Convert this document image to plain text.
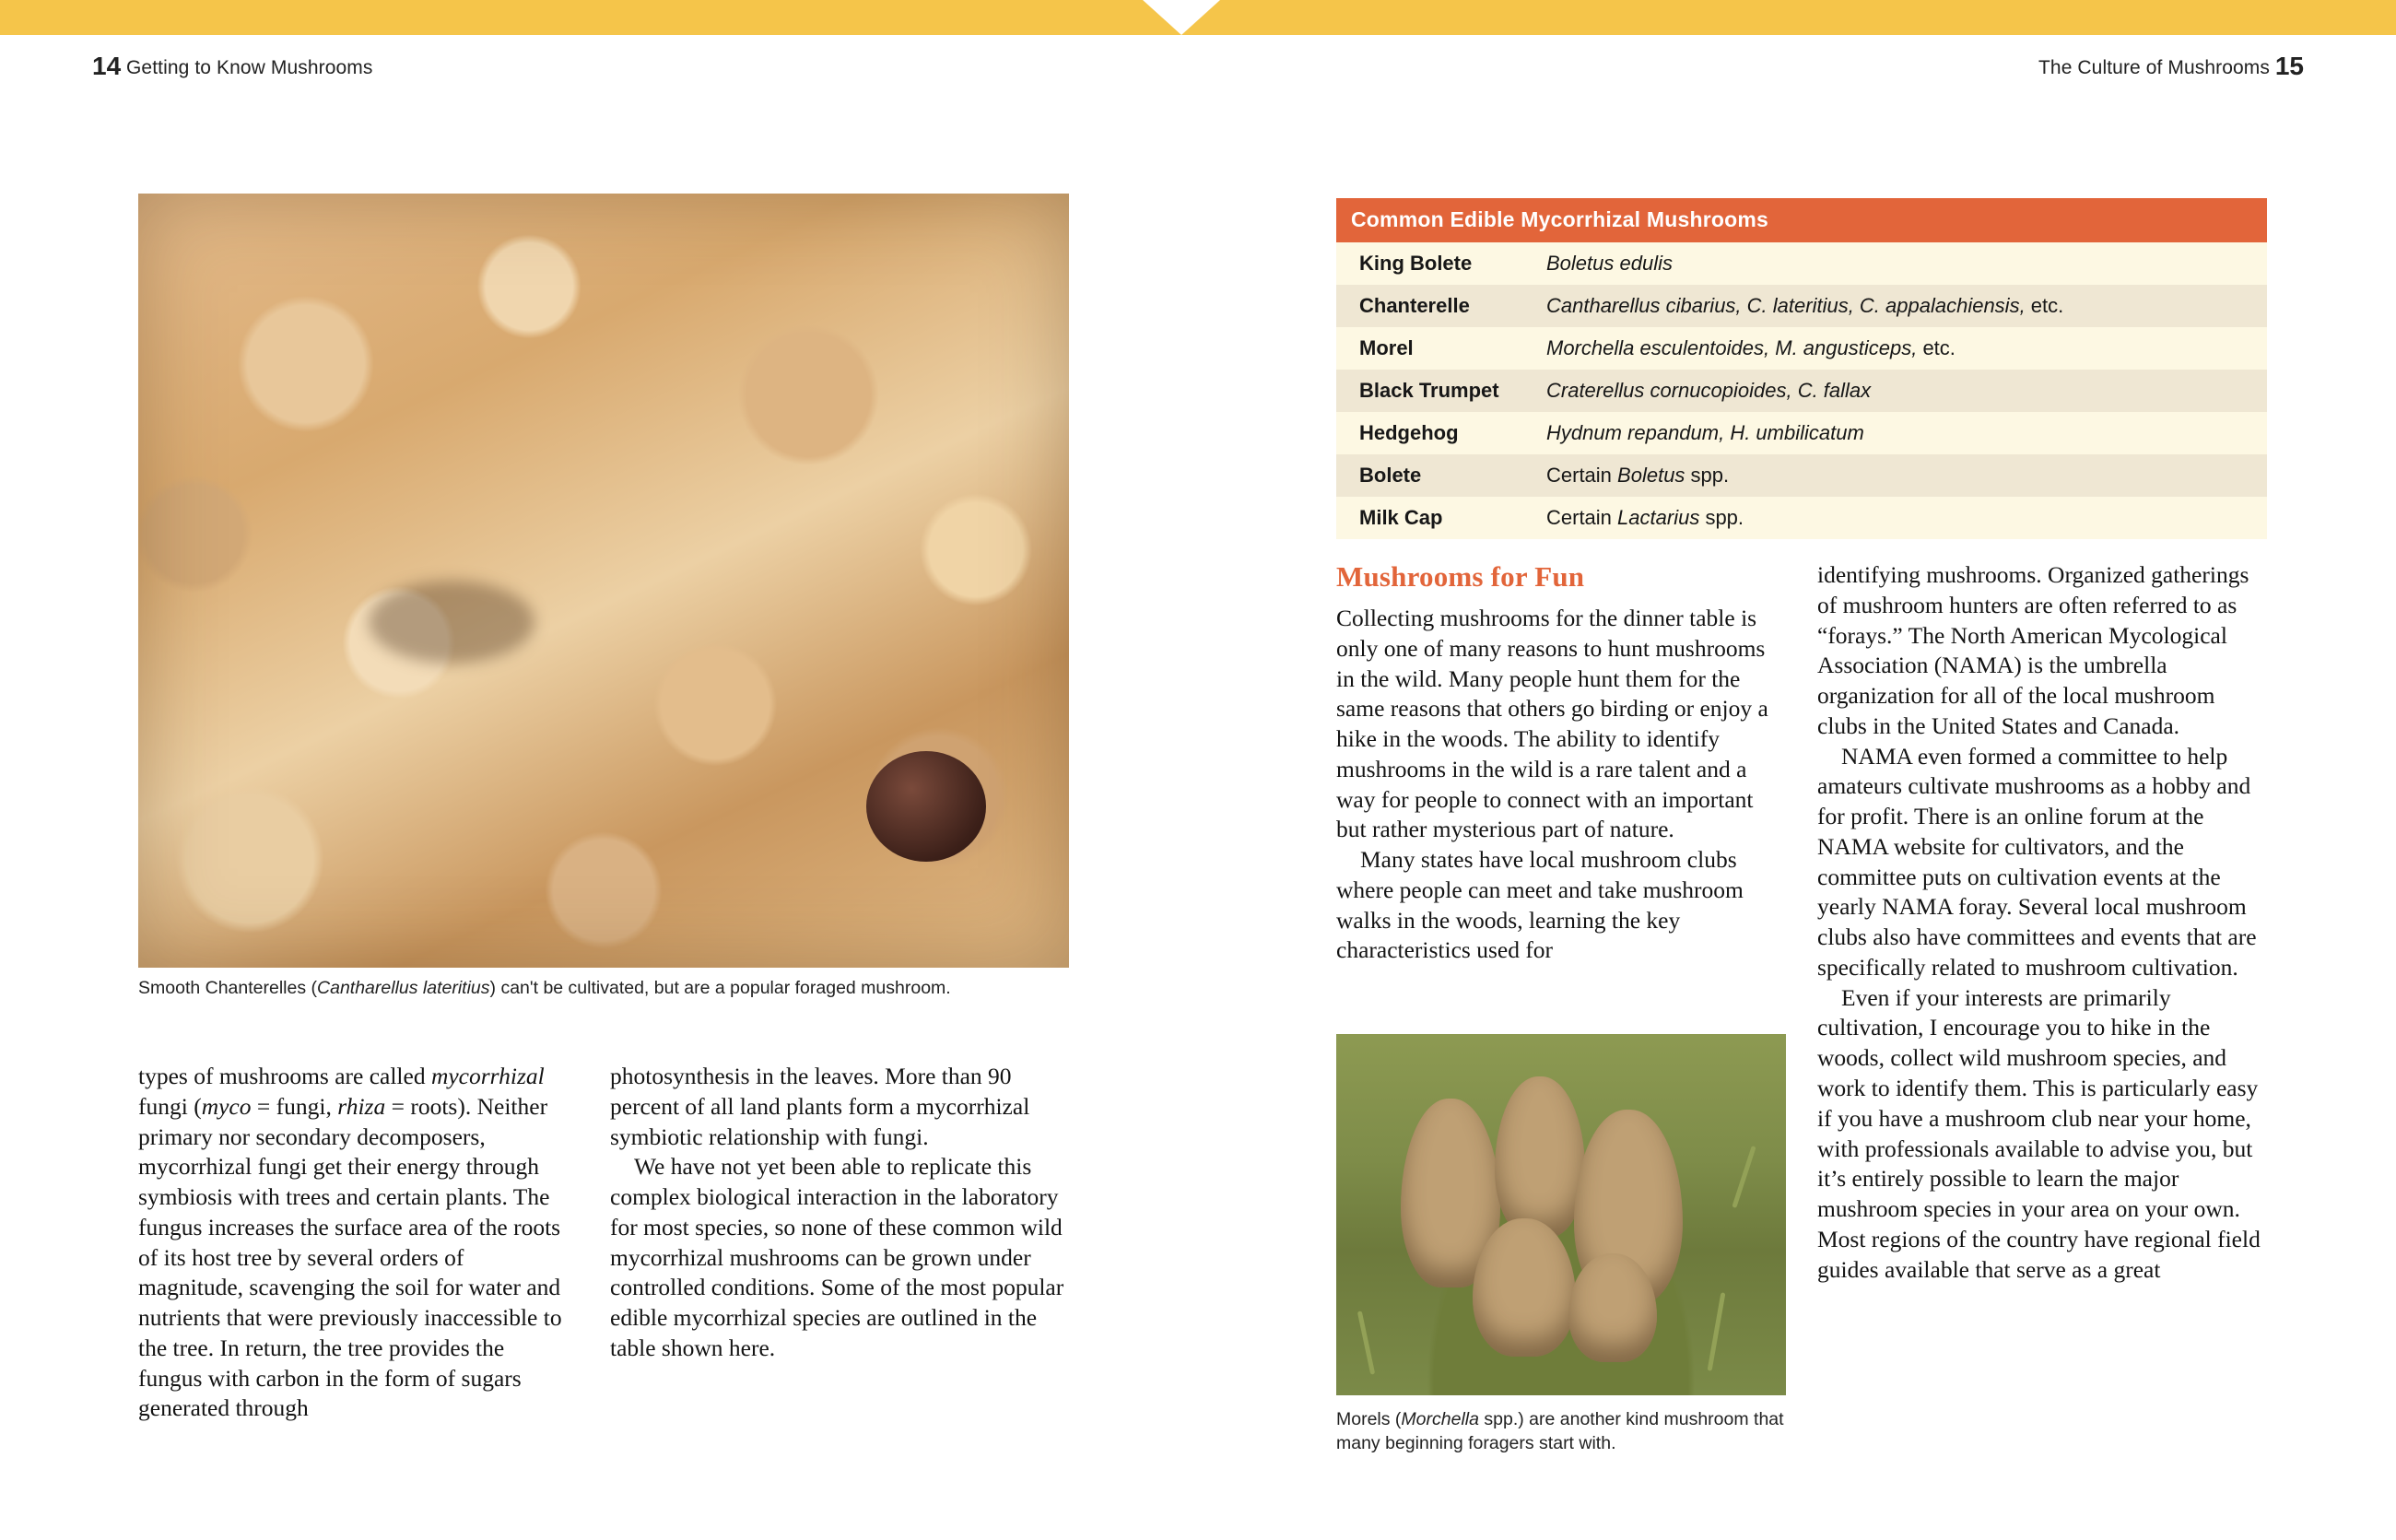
14 Getting to Know Mushrooms
Smooth Chanterelles (Cantharellus lateritius) can't be cultivated, but are a popular foraged mushroom.

types of mushrooms are called mycorrhizal fungi (myco = fungi, rhiza = roots). Neither primary nor secondary decomposers, mycorrhizal fungi get their energy through symbiosis with trees and certain plants. The fungus increases the surface area of the roots of its host tree by several orders of magnitude, scavenging the soil for water and nutrients that were previously inaccessible to the tree. In return, the tree provides the fungus with carbon in the form of sugars generated through

photosynthesis in the leaves. More than 90 percent of all land plants form a mycorrhizal symbiotic relationship with fungi.

We have not yet been able to replicate this complex biological interaction in the laboratory for most species, so none of these common wild mycorrhizal mushrooms can be grown under controlled conditions. Some of the most popular edible mycorrhizal species are outlined in the table shown here.

The Culture of Mushrooms 15
Common Edible Mycorrhizal Mushrooms
King Bolete	Boletus edulis
Chanterelle	Cantharellus cibarius, C. lateritius, C. appalachiensis, etc.
Morel	Morchella esculentoides, M. angusticeps, etc.
Black Trumpet	Craterellus cornucopioides, C. fallax
Hedgehog	Hydnum repandum, H. umbilicatum
Bolete	Certain Boletus spp.
Milk Cap	Certain Lactarius spp.
Mushrooms for Fun

Collecting mushrooms for the dinner table is only one of many reasons to hunt mushrooms in the wild. Many people hunt them for the same reasons that others go birding or enjoy a hike in the woods. The ability to identify mushrooms in the wild is a rare talent and a way for people to connect with an important but rather mysterious part of nature.

Many states have local mushroom clubs where people can meet and take mushroom walks in the woods, learning the key characteristics used for

identifying mushrooms. Organized gatherings of mushroom hunters are often referred to as “forays.” The North American Mycological Association (NAMA) is the umbrella organization for all of the local mushroom clubs in the United States and Canada.

NAMA even formed a committee to help amateurs cultivate mushrooms as a hobby and for profit. There is an online forum at the NAMA website for cultivators, and the committee puts on cultivation events at the yearly NAMA foray. Several local mushroom clubs also have committees and events that are specifically related to mushroom cultivation.

Even if your interests are primarily cultivation, I encourage you to hike in the woods, collect wild mushroom species, and work to identify them. This is particularly easy if you have a mushroom club near your home, with professionals available to advise you, but it’s entirely possible to learn the major mushroom species in your area on your own. Most regions of the country have regional field guides available that serve as a great

Morels (Morchella spp.) are another kind mushroom that many beginning foragers start with.
